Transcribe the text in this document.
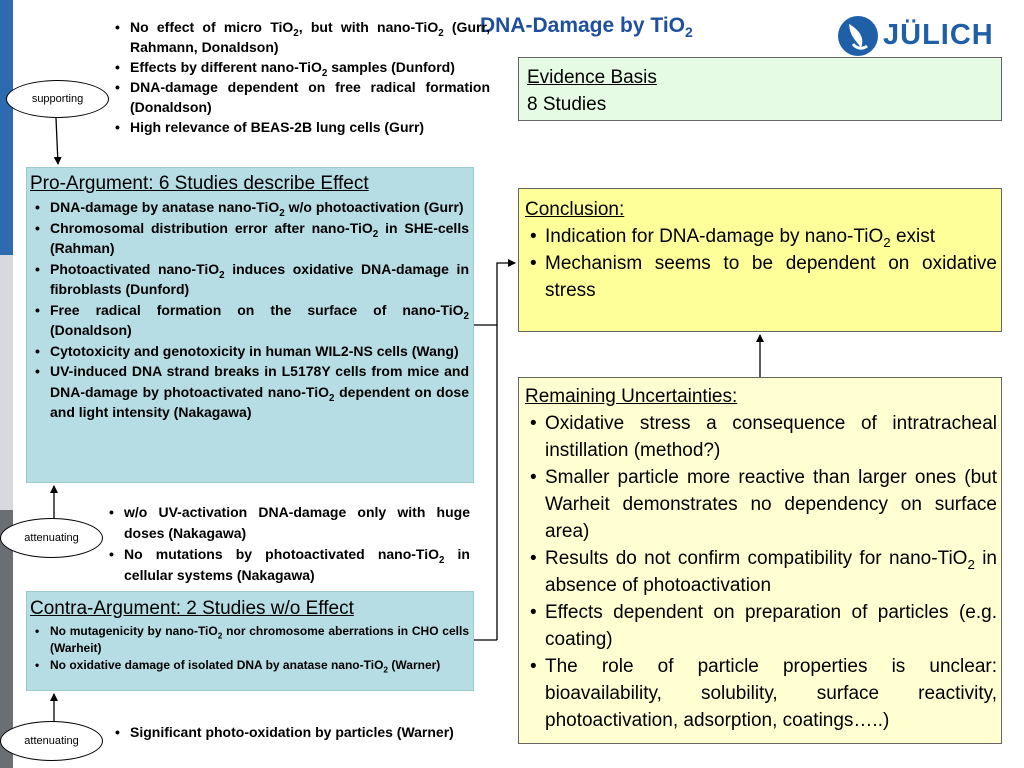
DNA-Damage by TiO$_2$	JÜLICH
• No effect of micro TiO$_2$, but with nano-TiO$_2$ (Gurr, Rahmann, Donaldson)
• Effects by different nano-TiO$_2$ samples (Dunford)
• DNA-damage dependent on free radical formation (Donaldson)
• High relevance of BEAS-2B lung cells (Gurr)
Evidence Basis
8 Studies
Pro-Argument: 6 Studies describe Effect
• DNA-damage by anatase nano-TiO$_2$ w/o photoactivation (Gurr)
• Chromosomal distribution error after nano-TiO$_2$ in SHE-cells (Rahman)
• Photoactivated nano-TiO$_2$ induces oxidative DNA-damage in fibroblasts (Dunford)
• Free radical formation on the surface of nano-TiO$_2$ (Donaldson)
• Cytotoxicity and genotoxicity in human WIL2-NS cells (Wang)
• UV-induced DNA strand breaks in L5178Y cells from mice and DNA-damage by photoactivated nano-TiO$_2$ dependent on dose and light intensity (Nakagawa)
• w/o UV-activation DNA-damage only with huge doses (Nakagawa)
• No mutations by photoactivated nano-TiO$_2$ in cellular systems (Nakagawa)
Contra-Argument: 2 Studies w/o Effect
• No mutagenicity by nano-TiO$_2$ nor chromosome aberrations in CHO cells (Warheit)
• No oxidative damage of isolated DNA by anatase nano-TiO$_2$ (Warner)
• Significant photo-oxidation by particles (Warner)
Conclusion:
• Indication for DNA-damage by nano-TiO$_2$ exist
• Mechanism seems to be dependent on oxidative stress
Remaining Uncertainties:
• Oxidative stress a consequence of intratracheal instillation (method?)
• Smaller particle more reactive than larger ones (but Warheit demonstrates no dependency on surface area)
• Results do not confirm compatibility for nano-TiO$_2$ in absence of photoactivation
• Effects dependent on preparation of particles (e.g. coating)
• The role of particle properties is unclear: bioavailability, solubility, surface reactivity, photoactivation, adsorption, coatings…..)
supporting
attenuating
attenuating
